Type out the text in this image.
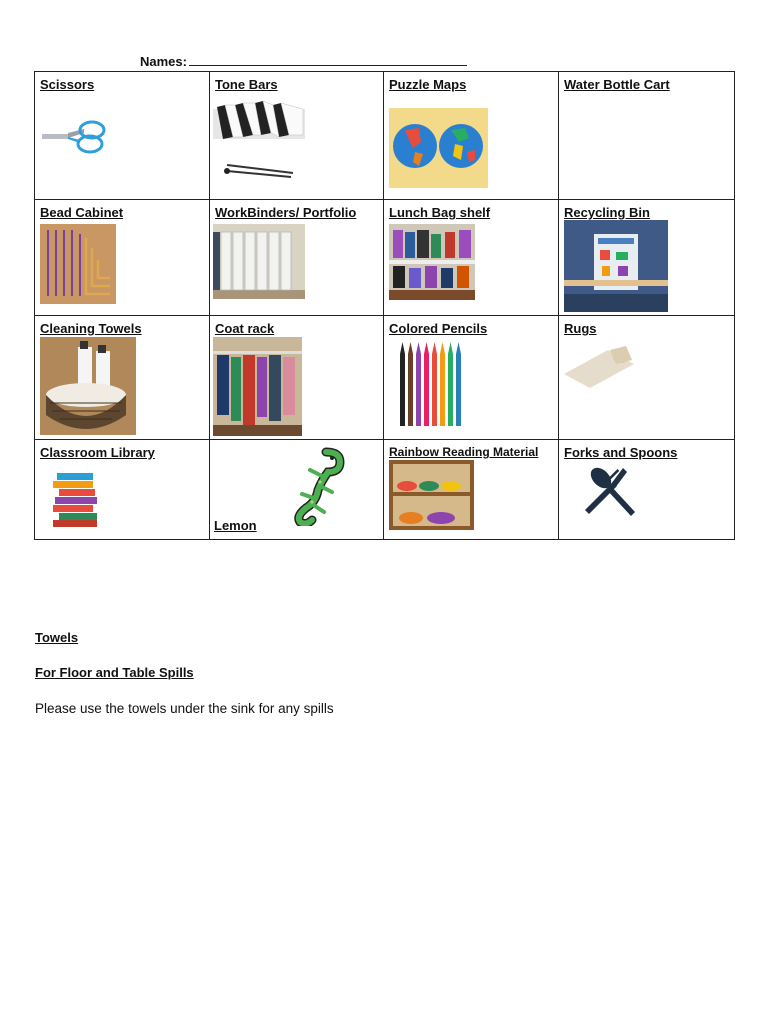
Names:
Scissors	Tone Bars	Puzzle Maps	Water Bottle Cart

Bead Cabinet	WorkBinders/ Portfolio	Lunch Bag shelf	Recycling Bin

Cleaning Towels	Coat rack	Colored Pencils	Rugs

Classroom Library	Lemon	Rainbow Reading Material	Forks and Spoons
Towels
For Floor and Table Spills
Please use the towels under the sink for any spills
